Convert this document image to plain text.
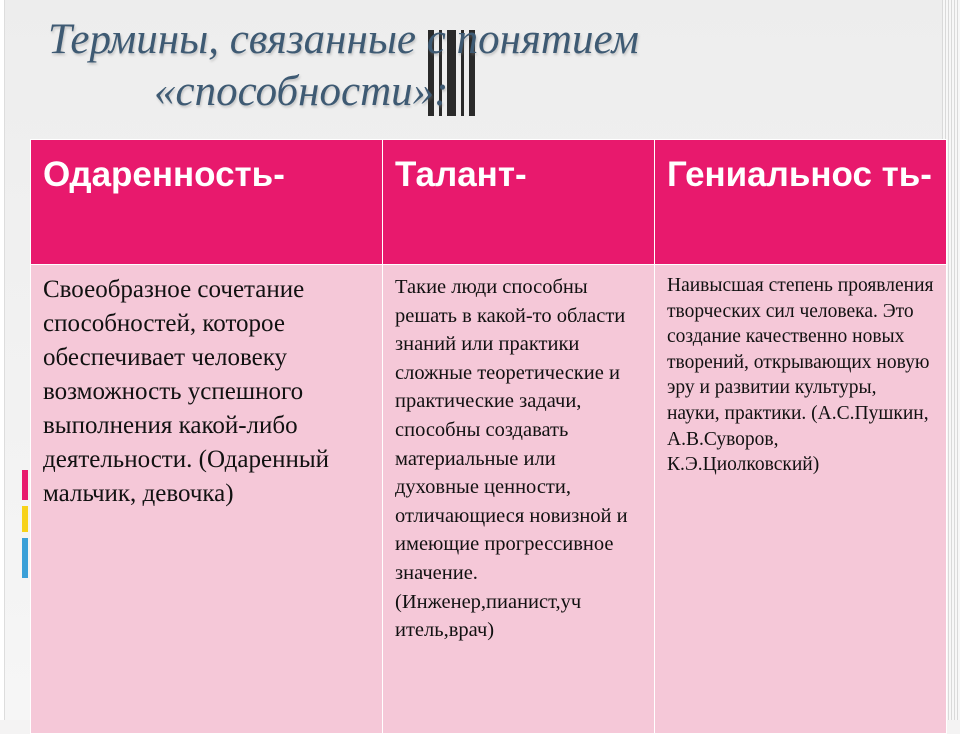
Термины, связанные с понятием
«способности»:
Одаренность-	Талант-	Гениальнос ть-
Своеобразное сочетание способностей, которое обеспечивает человеку возможность успешного выполнения какой-либо деятельности. (Одаренный мальчик, девочка)	Такие люди способны решать в какой-то области знаний или практики сложные теоретические и практические задачи, способны создавать материальные или духовные ценности, отличающиеся новизной и имеющие прогрессивное значение. (Инженер,пианист,уч итель,врач)	Наивысшая степень проявления творческих сил человека. Это создание качественно новых творений, открывающих новую эру и развитии культуры, науки, практики. (А.С.Пушкин, А.В.Суворов, К.Э.Циолковский)
